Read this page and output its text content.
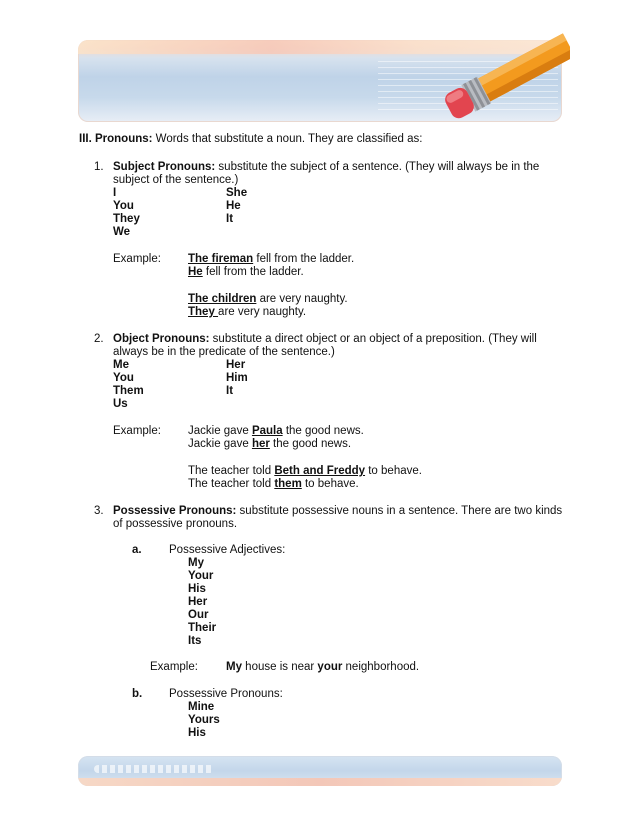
III. Pronouns: Words that substitute a noun. They are classified as:
1. Subject Pronouns: substitute the subject of a sentence. (They will always be in the
subject of the sentence.)
I
You
They
We
She
He
It
Example: The fireman fell from the ladder.
He fell from the ladder.
The children are very naughty.
They are very naughty.
2. Object Pronouns: substitute a direct object or an object of a preposition. (They will
always be in the predicate of the sentence.)
Me
You
Them
Us
Her
Him
It
Example: Jackie gave Paula the good news.
Jackie gave her the good news.
The teacher told Beth and Freddy to behave.
The teacher told them to behave.
3. Possessive Pronouns: substitute possessive nouns in a sentence. There are two kinds
of possessive pronouns.
a. Possessive Adjectives:
My
Your
His
Her
Our
Their
Its
Example: My house is near your neighborhood.
b. Possessive Pronouns:
Mine
Yours
His
